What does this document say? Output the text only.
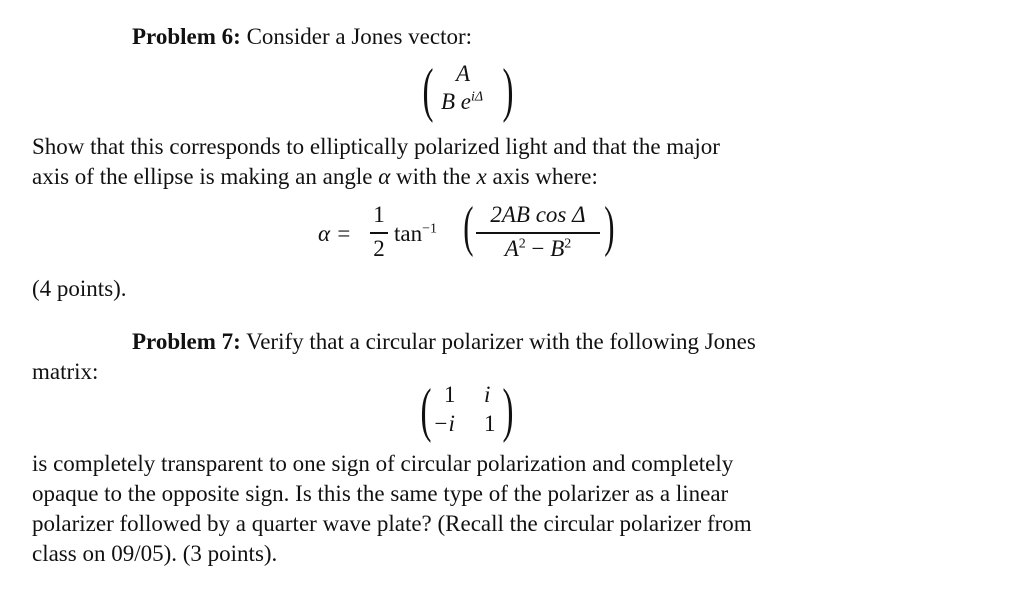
Problem 6: Consider a Jones vector:
( A
B $e^{i\Delta}$ )
Show that this corresponds to elliptically polarized light and that the major
axis of the ellipse is making an angle α with the x axis where:
α =
1
2
$\tan^{-1}$ ( 2AB cos Δ
$A^2 - B^2$ )
(4 points).
Problem 7: Verify that a circular polarizer with the following Jones
matrix:
( 1 i
−i 1 )
is completely transparent to one sign of circular polarization and completely
opaque to the opposite sign. Is this the same type of the polarizer as a linear
polarizer followed by a quarter wave plate? (Recall the circular polarizer from
class on 09/05). (3 points).
